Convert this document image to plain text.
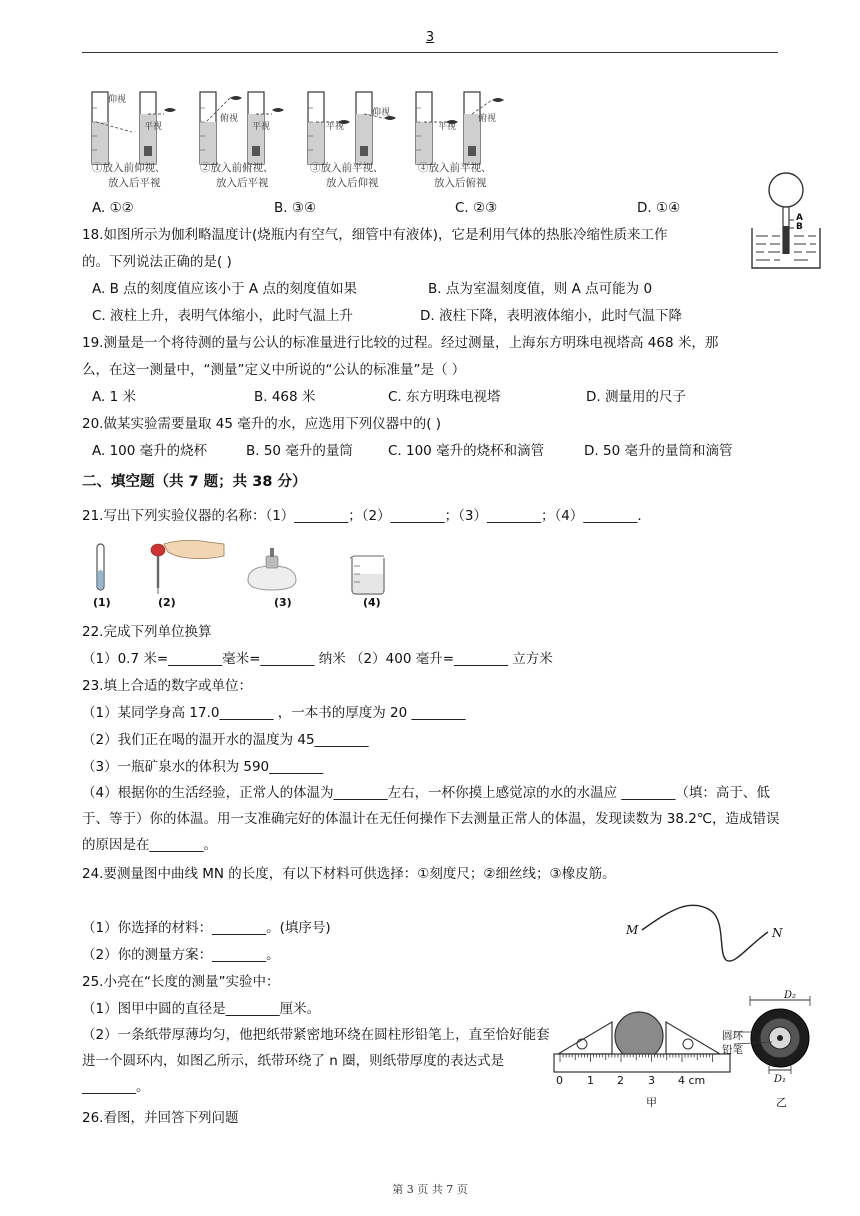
3
仰视
平视
①放入前仰视、
放入后平视
俯视
平视
②放入前俯视、
放入后平视
平视
仰视
③放入前平视、
放入后仰视
平视
俯视
④放入前平视、
放入后俯视
A. ①②	B. ③④	C. ②③	D. ①④
A
B
18.如图所示为伽利略温度计(烧瓶内有空气，细管中有液体)，它是利用气体的热胀冷缩性质来工作
的。下列说法正确的是( )
A. B 点的刻度值应该小于 A 点的刻度值如果	B. 点为室温刻度值，则 A 点可能为 0
C. 液柱上升，表明气体缩小，此时气温上升	D. 液柱下降，表明液体缩小，此时气温下降
19.测量是一个将待测的量与公认的标准量进行比较的过程。经过测量，上海东方明珠电视塔高 468 米，那
么，在这一测量中，“测量”定义中所说的“公认的标准量”是（ ）
A. 1 米	B. 468 米	C. 东方明珠电视塔	D. 测量用的尺子
20.做某实验需要量取 45 毫升的水，应选用下列仪器中的( )
A. 100 毫升的烧杯	B. 50 毫升的量筒	C. 100 毫升的烧杯和滴管	D. 50 毫升的量筒和滴管
二、填空题（共 7 题；共 38 分）
21.写出下列实验仪器的名称：（1）________；（2）________；（3）________；（4）________.
(1)	(2)	(3)	(4)
22.完成下列单位换算
（1）0.7 米=________毫米=________ 纳米 （2）400 毫升=________ 立方米
23.填上合适的数字或单位：
（1）某同学身高 17.0________ ，一本书的厚度为 20 ________
（2）我们正在喝的温开水的温度为 45________
（3）一瓶矿泉水的体积为 590________
（4）根据你的生活经验，正常人的体温为________左右，一杯你摸上感觉凉的水的水温应 ________（填：高于、低于、等于）你的体温。用一支准确完好的体温计在无任何操作下去测量正常人的体温，发现读数为 38.2℃，造成错误的原因是在________。
24.要测量图中曲线 MN 的长度，有以下材料可供选择：①刻度尺；②细丝线；③橡皮筋。
M	N
（1）你选择的材料：________。(填序号)
（2）你的测量方案：________。
25.小亮在“长度的测量”实验中：
（1）图甲中圆的直径是________厘米。
（2）一条纸带厚薄均匀，他把纸带紧密地环绕在圆柱形铅笔上，直至恰好能套进一个圆环内，如图乙所示，纸带环绕了 n 圈，则纸带厚度的表达式是________。	0 1 2 3 4 cm
甲
D₂
D₁
圆环
铅笔
乙
26.看图，并回答下列问题
第 3 页 共 7 页
